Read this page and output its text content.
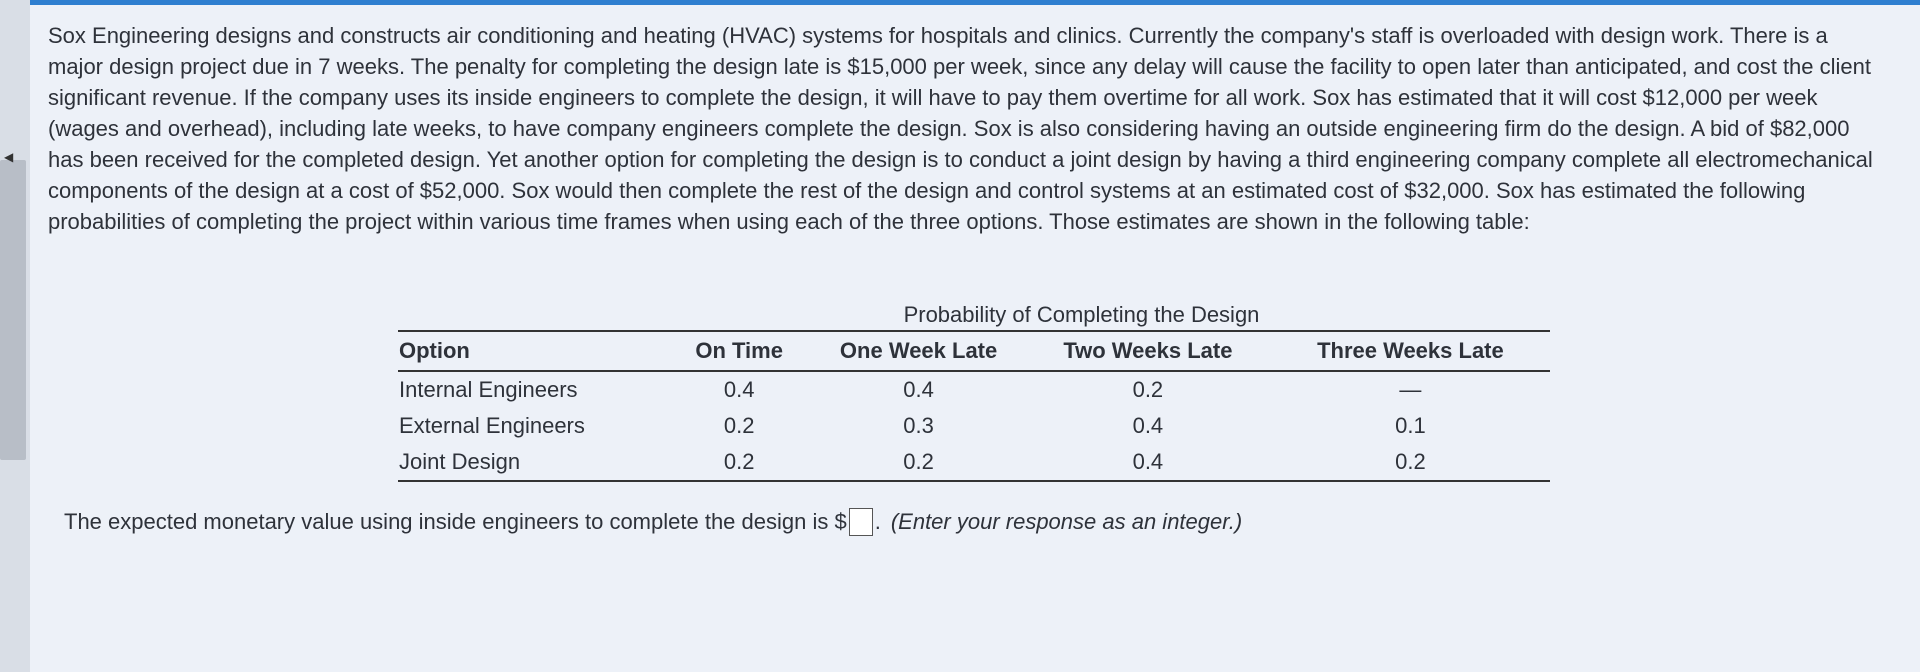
◀

Sox Engineering designs and constructs air conditioning and heating (HVAC) systems for hospitals and clinics. Currently the company's staff is overloaded with design work. There is a major design project due in 7 weeks. The penalty for completing the design late is $15,000 per week, since any delay will cause the facility to open later than anticipated, and cost the client significant revenue. If the company uses its inside engineers to complete the design, it will have to pay them overtime for all work. Sox has estimated that it will cost $12,000 per week (wages and overhead), including late weeks, to have company engineers complete the design. Sox is also considering having an outside engineering firm do the design. A bid of $82,000 has been received for the completed design. Yet another option for completing the design is to conduct a joint design by having a third engineering company complete all electromechanical components of the design at a cost of $52,000. Sox would then complete the rest of the design and control systems at an estimated cost of $32,000. Sox has estimated the following probabilities of completing the project within various time frames when using each of the three options. Those estimates are shown in the following table:

Probability of Completing the Design
Option	On Time	One Week Late	Two Weeks Late	Three Weeks Late
Internal Engineers	0.4	0.4	0.2	—
External Engineers	0.2	0.3	0.4	0.1
Joint Design	0.2	0.2	0.4	0.2
The expected monetary value using inside engineers to complete the design is $ . (Enter your response as an integer.)
